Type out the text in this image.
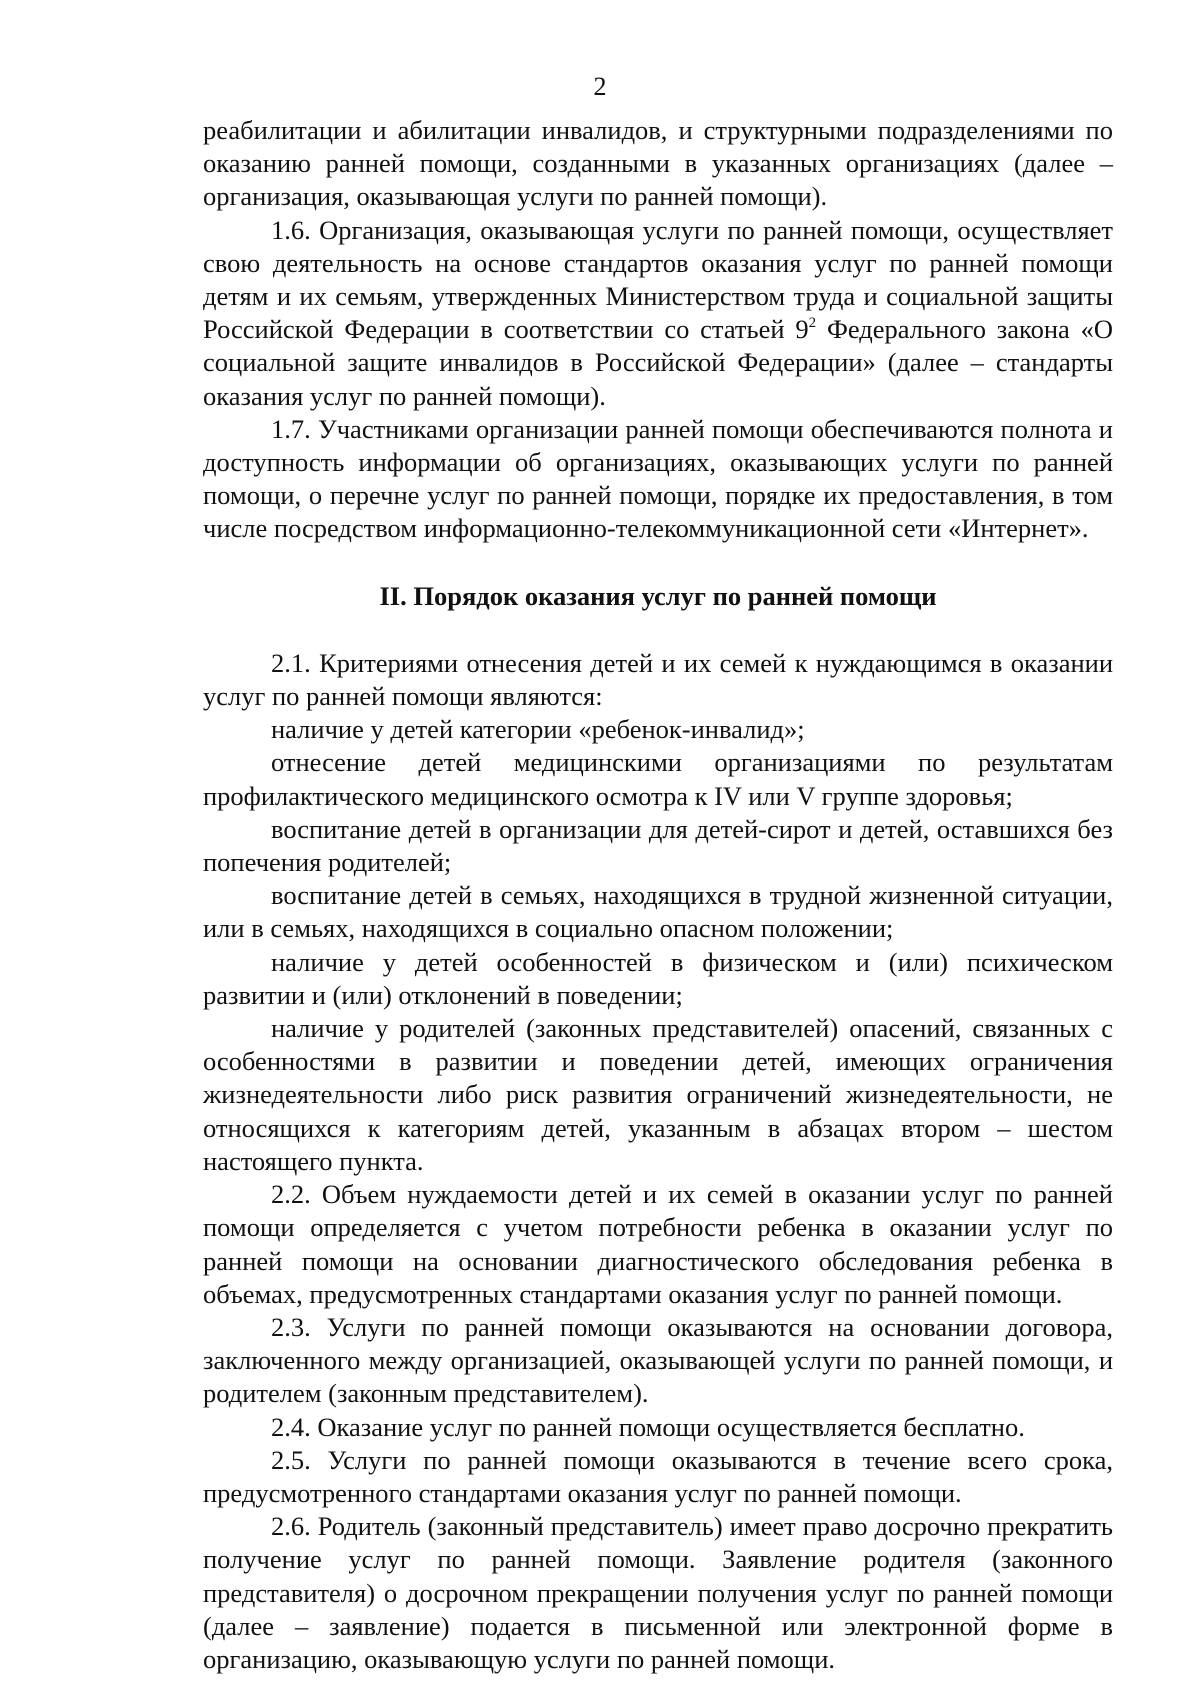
2

реабилитации и абилитации инвалидов, и структурными подразделениями по оказанию ранней помощи, созданными в указанных организациях (далее – организация, оказывающая услуги по ранней помощи).

1.6. Организация, оказывающая услуги по ранней помощи, осуществляет свою деятельность на основе стандартов оказания услуг по ранней помощи детям и их семьям, утвержденных Министерством труда и социальной защиты Российской Федерации в соответствии со статьей $9^2$ Федерального закона «О социальной защите инвалидов в Российской Федерации» (далее – стандарты оказания услуг по ранней помощи).

1.7. Участниками организации ранней помощи обеспечиваются полнота и доступность информации об организациях, оказывающих услуги по ранней помощи, о перечне услуг по ранней помощи, порядке их предоставления, в том числе посредством информационно-телекоммуникационной сети «Интернет».

II. Порядок оказания услуг по ранней помощи

2.1. Критериями отнесения детей и их семей к нуждающимся в оказании услуг по ранней помощи являются:

наличие у детей категории «ребенок-инвалид»;

отнесение детей медицинскими организациями по результатам профилактического медицинского осмотра к IV или V группе здоровья;

воспитание детей в организации для детей-сирот и детей, оставшихся без попечения родителей;

воспитание детей в семьях, находящихся в трудной жизненной ситуации, или в семьях, находящихся в социально опасном положении;

наличие у детей особенностей в физическом и (или) психическом развитии и (или) отклонений в поведении;

наличие у родителей (законных представителей) опасений, связанных с особенностями в развитии и поведении детей, имеющих ограничения жизнедеятельности либо риск развития ограничений жизнедеятельности, не относящихся к категориям детей, указанным в абзацах втором – шестом настоящего пункта.

2.2. Объем нуждаемости детей и их семей в оказании услуг по ранней помощи определяется с учетом потребности ребенка в оказании услуг по ранней помощи на основании диагностического обследования ребенка в объемах, предусмотренных стандартами оказания услуг по ранней помощи.

2.3. Услуги по ранней помощи оказываются на основании договора, заключенного между организацией, оказывающей услуги по ранней помощи, и родителем (законным представителем).

2.4. Оказание услуг по ранней помощи осуществляется бесплатно.

2.5. Услуги по ранней помощи оказываются в течение всего срока, предусмотренного стандартами оказания услуг по ранней помощи.

2.6. Родитель (законный представитель) имеет право досрочно прекратить получение услуг по ранней помощи. Заявление родителя (законного представителя) о досрочном прекращении получения услуг по ранней помощи (далее – заявление) подается в письменной или электронной форме в организацию, оказывающую услуги по ранней помощи.
